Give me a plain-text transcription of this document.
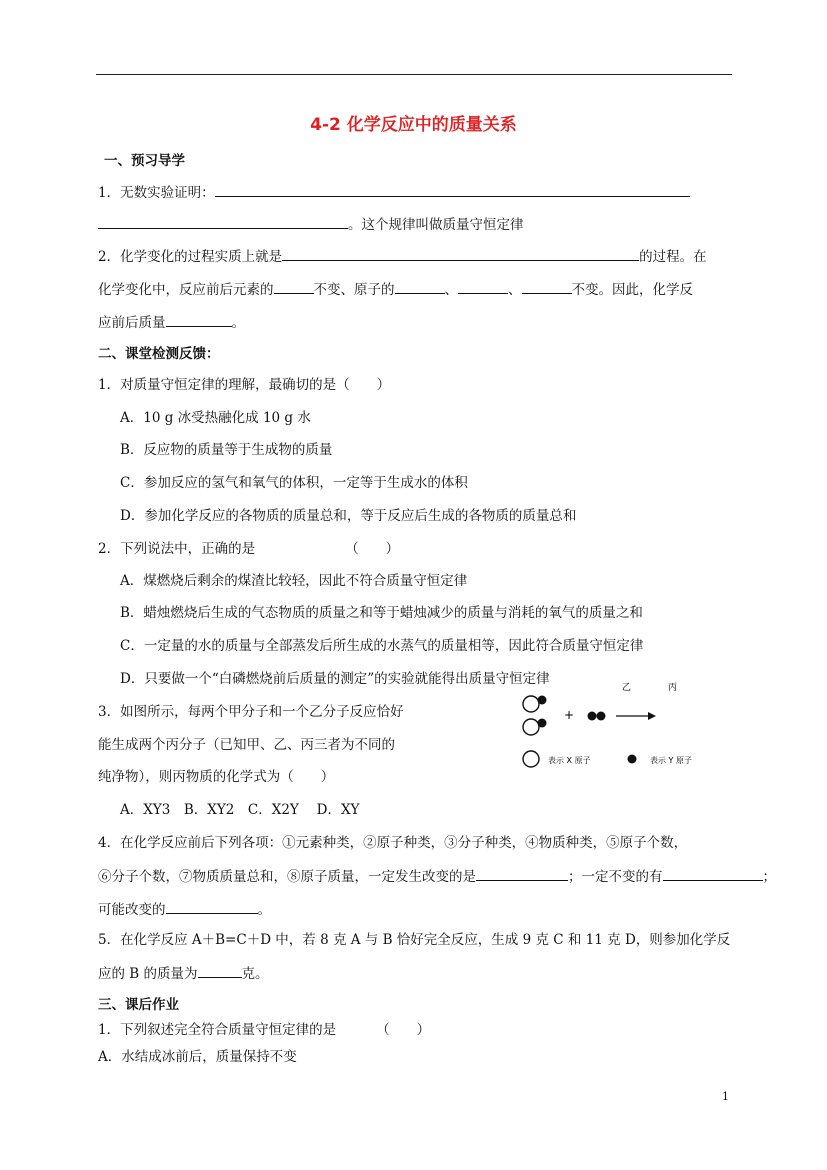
4-2 化学反应中的质量关系
一、预习导学
1．无数实验证明：
。这个规律叫做质量守恒定律
2．化学变化的过程实质上就是	的过程。在
化学变化中，反应前后元素的	不变、原子的	、	、	不变。因此，化学反
应前后质量	。
二、课堂检测反馈：
1．对质量守恒定律的理解，最确切的是（　　）
A．10 g 冰受热融化成 10 g 水
B．反应物的质量等于生成物的质量
C．参加反应的氢气和氧气的体积，一定等于生成水的体积
D．参加化学反应的各物质的质量总和，等于反应后生成的各物质的质量总和
2．下列说法中，正确的是	（　　）
A．煤燃烧后剩余的煤渣比较轻，因此不符合质量守恒定律
B．蜡烛燃烧后生成的气态物质的质量之和等于蜡烛减少的质量与消耗的氧气的质量之和
C．一定量的水的质量与全部蒸发后所生成的水蒸气的质量相等，因此符合质量守恒定律
D．只要做一个“白磷燃烧前后质量的测定”的实验就能得出质量守恒定律
3．如图所示，每两个甲分子和一个乙分子反应恰好
能生成两个丙分子（已知甲、乙、丙三者为不同的
纯净物），则丙物质的化学式为（　　）
A．XY3　B．XY2　C．X2Y　 D．XY
乙	丙
+
表示 X 原子	表示 Y 原子
4．在化学反应前后下列各项：①元素种类，②原子种类，③分子种类，④物质种类，⑤原子个数，
⑥分子个数，⑦物质质量总和，⑧原子质量，一定发生改变的是	；一定不变的有	；
可能改变的	。
5．在化学反应 A＋B=C＋D 中，若 8 克 A 与 B 恰好完全反应，生成 9 克 C 和 11 克 D，则参加化学反
应的 B 的质量为	克。
三、课后作业
1．下列叙述完全符合质量守恒定律的是	（　　）
A．水结成冰前后，质量保持不变
1
